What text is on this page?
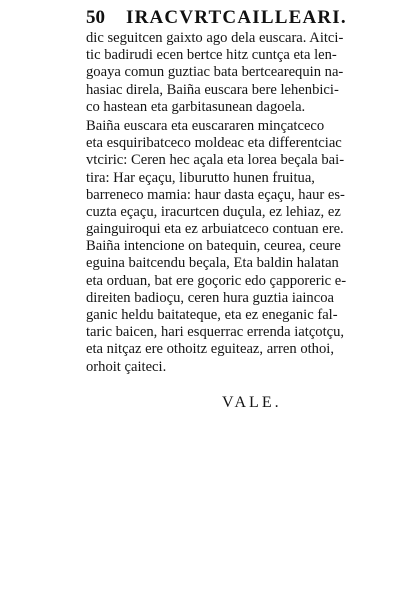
50 IRACVRTCAILLEARI.
dic seguitcen gaixto ago dela euscara. Aitci-
tic badirudi ecen bertce hitz cuntça eta len-
goaya comun guztiac bata bertcearequin na-
hasiac direla, Baiña euscara bere lehenbici-
co hastean eta garbitasunean dagoela.
Baiña euscara eta euscararen minçatceco
eta esquiribatceco moldeac eta differentciac
vtciric: Ceren hec açala eta lorea beçala bai-
tira: Har eçaçu, liburutto hunen fruitua,
barreneco mamia: haur dasta eçaçu, haur es-
cuzta eçaçu, iracurtcen duçula, ez lehiaz, ez
gainguiroqui eta ez arbuiatceco contuan ere.
Baiña intencione on batequin, ceurea, ceure
eguina baitcendu beçala, Eta baldin halatan
eta orduan, bat ere goçoric edo çapporeric e-
direiten badioçu, ceren hura guztia iaincoa
ganic heldu baitateque, eta ez eneganic fal-
taric baicen, hari esquerrac errenda iatçotçu,
eta nitçaz ere othoitz eguiteaz, arren othoi,
orhoit çaiteci.
VALE.
